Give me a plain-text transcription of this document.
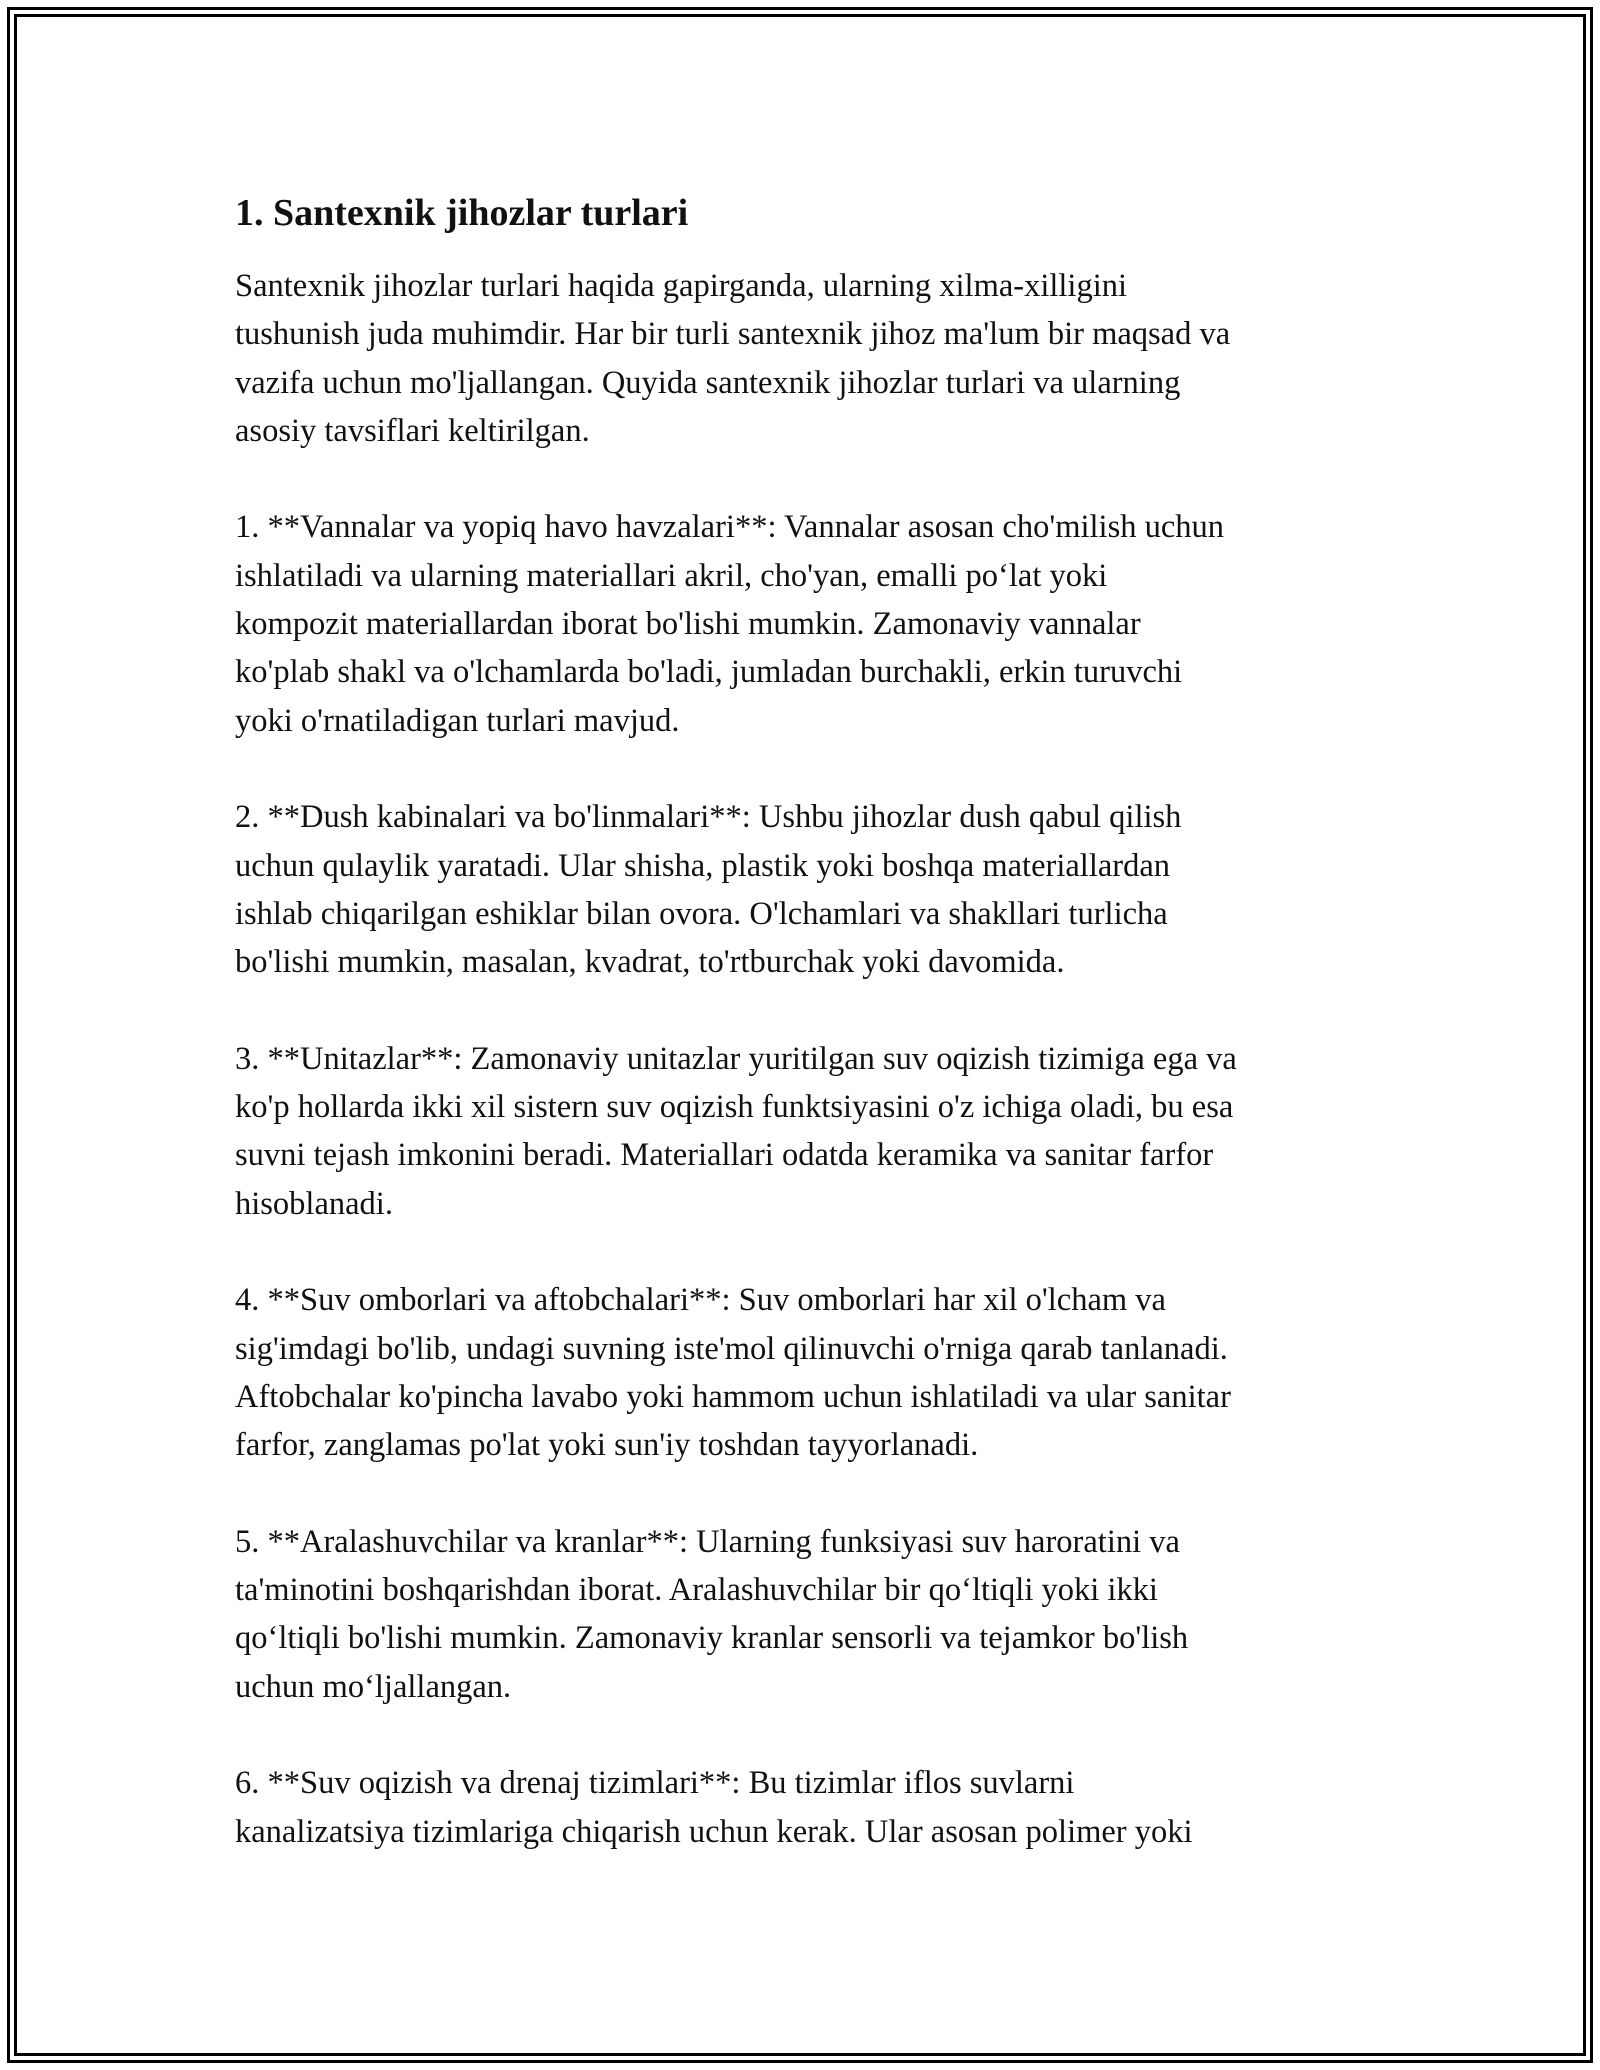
1. Santexnik jihozlar turlari

Santexnik jihozlar turlari haqida gapirganda, ularning xilma-xilligini
tushunish juda muhimdir. Har bir turli santexnik jihoz ma'lum bir maqsad va
vazifa uchun mo'ljallangan. Quyida santexnik jihozlar turlari va ularning
asosiy tavsiflari keltirilgan.

1. **Vannalar va yopiq havo havzalari**: Vannalar asosan cho'milish uchun
ishlatiladi va ularning materiallari akril, cho'yan, emalli po‘lat yoki
kompozit materiallardan iborat bo'lishi mumkin. Zamonaviy vannalar
ko'plab shakl va o'lchamlarda bo'ladi, jumladan burchakli, erkin turuvchi
yoki o'rnatiladigan turlari mavjud.

2. **Dush kabinalari va bo'linmalari**: Ushbu jihozlar dush qabul qilish
uchun qulaylik yaratadi. Ular shisha, plastik yoki boshqa materiallardan
ishlab chiqarilgan eshiklar bilan ovora. O'lchamlari va shakllari turlicha
bo'lishi mumkin, masalan, kvadrat, to'rtburchak yoki davomida.

3. **Unitazlar**: Zamonaviy unitazlar yuritilgan suv oqizish tizimiga ega va
ko'p hollarda ikki xil sistern suv oqizish funktsiyasini o'z ichiga oladi, bu esa
suvni tejash imkonini beradi. Materiallari odatda keramika va sanitar farfor
hisoblanadi.

4. **Suv omborlari va aftobchalari**: Suv omborlari har xil o'lcham va
sig'imdagi bo'lib, undagi suvning iste'mol qilinuvchi o'rniga qarab tanlanadi.
Aftobchalar ko'pincha lavabo yoki hammom uchun ishlatiladi va ular sanitar
farfor, zanglamas po'lat yoki sun'iy toshdan tayyorlanadi.

5. **Aralashuvchilar va kranlar**: Ularning funksiyasi suv haroratini va
ta'minotini boshqarishdan iborat. Aralashuvchilar bir qo‘ltiqli yoki ikki
qo‘ltiqli bo'lishi mumkin. Zamonaviy kranlar sensorli va tejamkor bo'lish
uchun mo‘ljallangan.

6. **Suv oqizish va drenaj tizimlari**: Bu tizimlar iflos suvlarni
kanalizatsiya tizimlariga chiqarish uchun kerak. Ular asosan polimer yoki
